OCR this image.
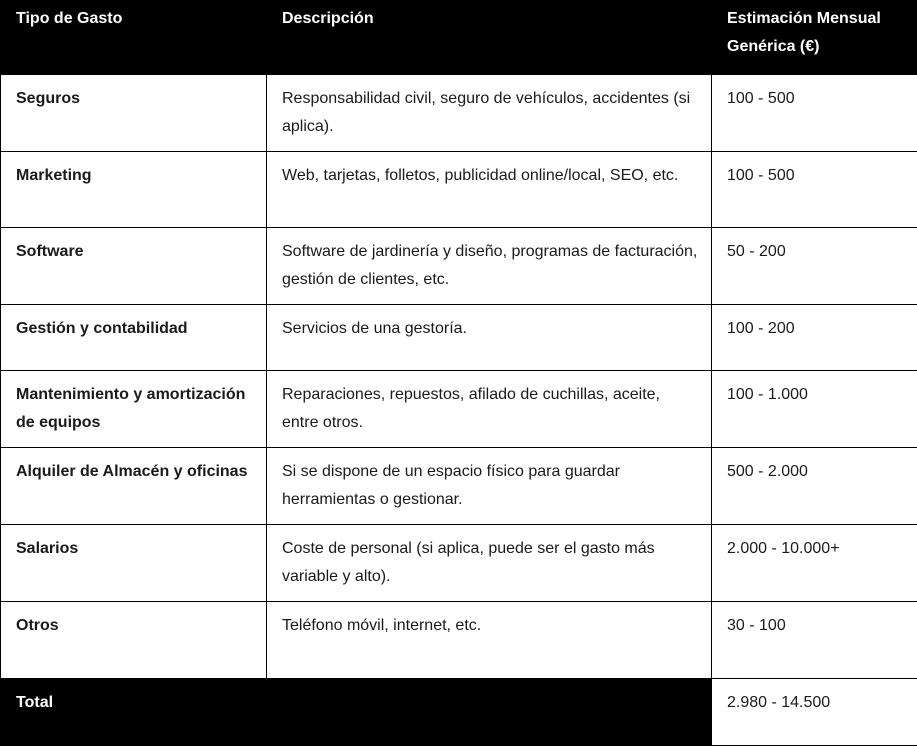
Tipo de Gasto	Descripción	Estimación Mensual Genérica (€)
Seguros	Responsabilidad civil, seguro de vehículos, accidentes (si aplica).	100 - 500
Marketing	Web, tarjetas, folletos, publicidad online/local, SEO, etc.	100 - 500
Software	Software de jardinería y diseño, programas de facturación, gestión de clientes, etc.	50 - 200
Gestión y contabilidad	Servicios de una gestoría.	100 - 200
Mantenimiento y amortización de equipos	Reparaciones, repuestos, afilado de cuchillas, aceite, entre otros.	100 - 1.000
Alquiler de Almacén y oficinas	Si se dispone de un espacio físico para guardar herramientas o gestionar.	500 - 2.000
Salarios	Coste de personal (si aplica, puede ser el gasto más variable y alto).	2.000 - 10.000+
Otros	Teléfono móvil, internet, etc.	30 - 100
Total		2.980 - 14.500
